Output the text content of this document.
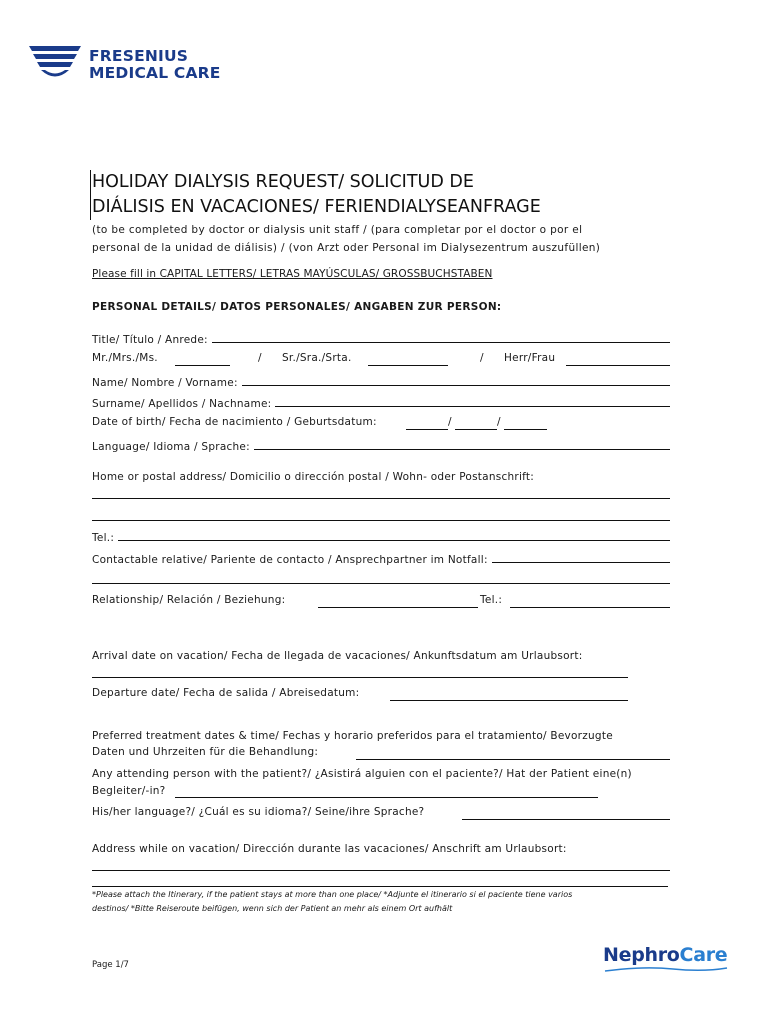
FRESENIUS
MEDICAL CARE
HOLIDAY DIALYSIS REQUEST/ SOLICITUD DE
DIÁLISIS EN VACACIONES/ FERIENDIALYSEANFRAGE
(to be completed by doctor or dialysis unit staff / (para completar por el doctor o por el
personal de la unidad de diálisis) / (von Arzt oder Personal im Dialysezentrum auszufüllen)
Please fill in CAPITAL LETTERS/ LETRAS MAYÚSCULAS/ GROSSBUCHSTABEN
PERSONAL DETAILS/ DATOS PERSONALES/ ANGABEN ZUR PERSON:
Title/ Título / Anrede:
Mr./Mrs./Ms.	/ Sr./Sra./Srta.	/ Herr/Frau
Name/ Nombre / Vorname:
Surname/ Apellidos / Nachname:
Date of birth/ Fecha de nacimiento / Geburtsdatum:	/	/
Language/ Idioma / Sprache:
Home or postal address/ Domicilio o dirección postal / Wohn- oder Postanschrift:
Tel.:
Contactable relative/ Pariente de contacto / Ansprechpartner im Notfall:
Relationship/ Relación / Beziehung:	Tel.:
Arrival date on vacation/ Fecha de llegada de vacaciones/ Ankunftsdatum am Urlaubsort:
Departure date/ Fecha de salida / Abreisedatum:
Preferred treatment dates & time/ Fechas y horario preferidos para el tratamiento/ Bevorzugte
Daten und Uhrzeiten für die Behandlung:
Any attending person with the patient?/ ¿Asistirá alguien con el paciente?/ Hat der Patient eine(n)
Begleiter/-in?
His/her language?/ ¿Cuál es su idioma?/ Seine/ihre Sprache?
Address while on vacation/ Dirección durante las vacaciones/ Anschrift am Urlaubsort:
*Please attach the Itinerary, if the patient stays at more than one place/ *Adjunte el itinerario si el paciente tiene varios
destinos/ *Bitte Reiseroute beifügen, wenn sich der Patient an mehr als einem Ort aufhält
Page 1/7	NephroCare
